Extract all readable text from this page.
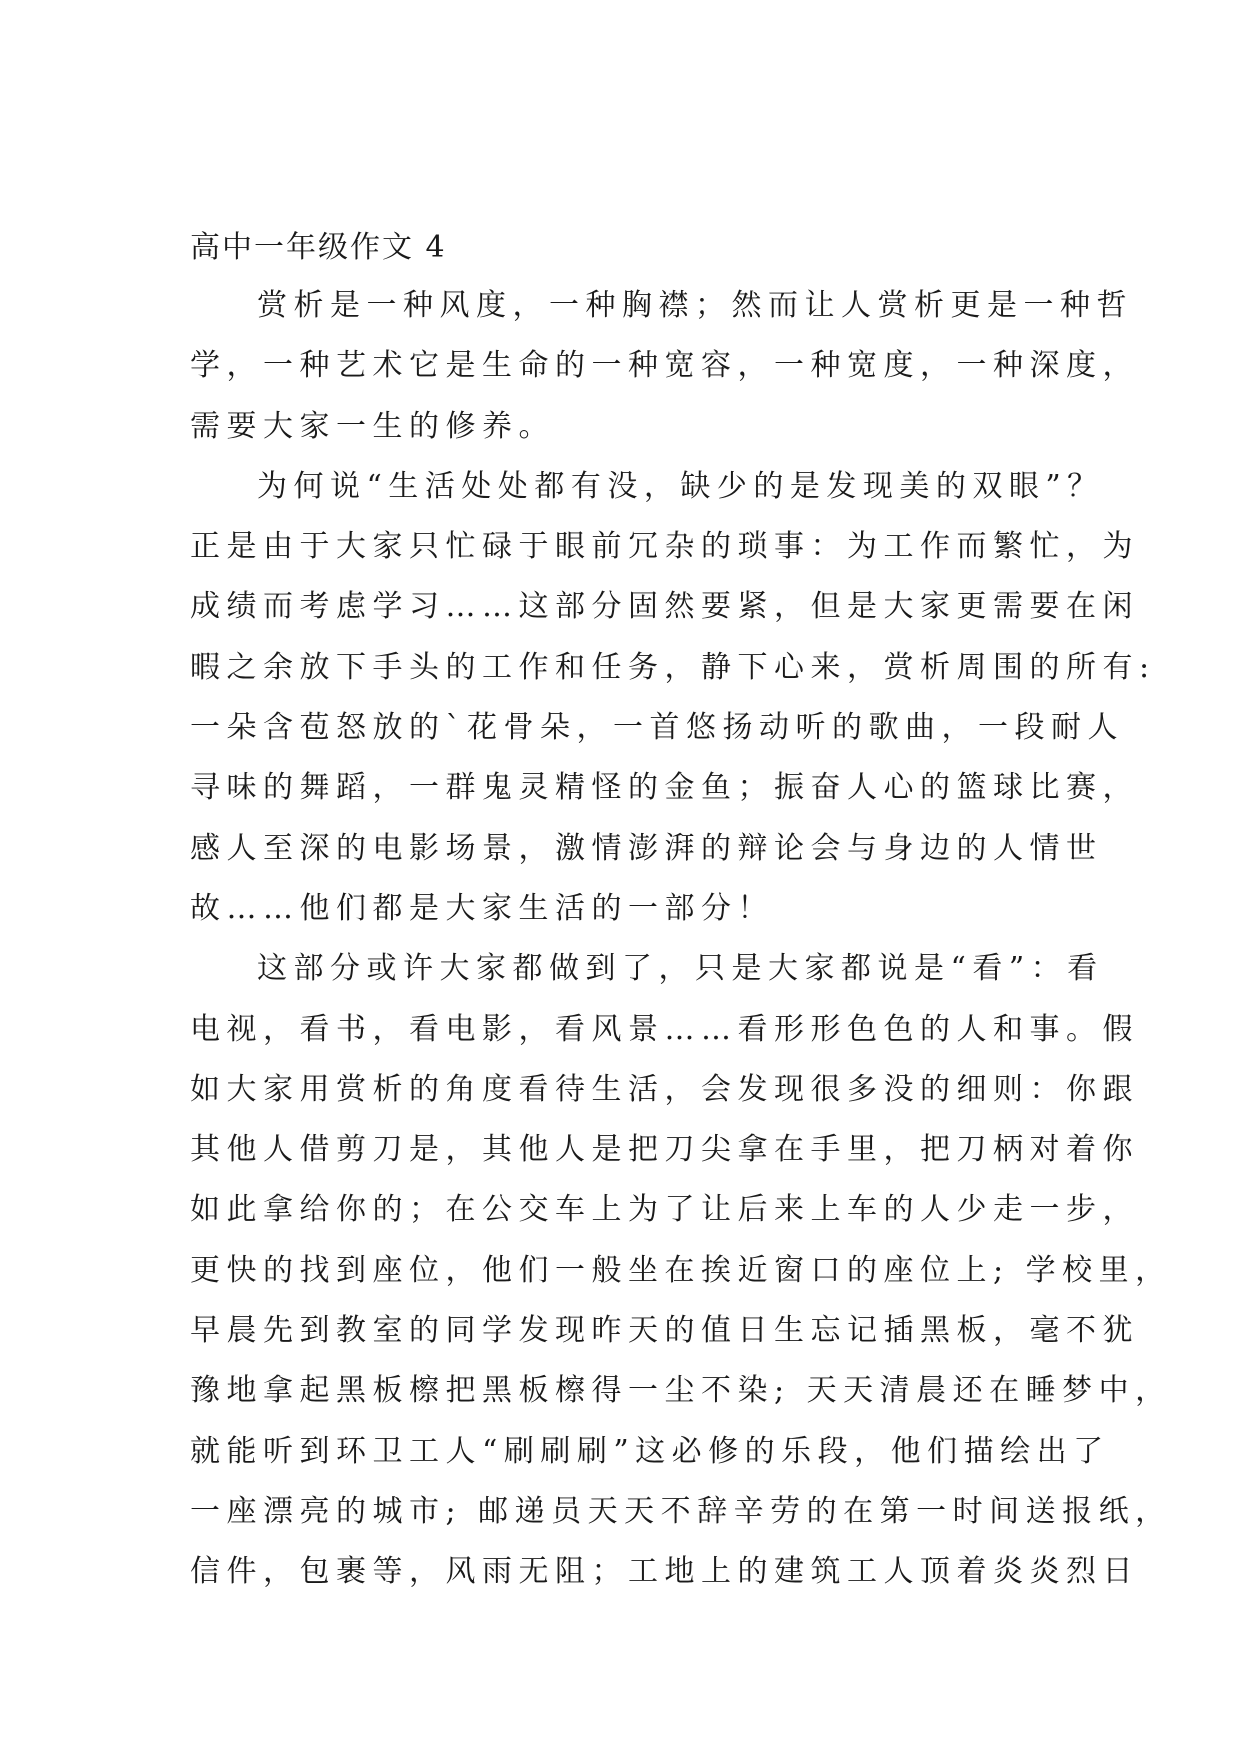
高中一年级作文 4
赏析是一种风度，一种胸襟；然而让人赏析更是一种哲
学，一种艺术它是生命的一种宽容，一种宽度，一种深度，
需要大家一生的修养。
为何说“生活处处都有没，缺少的是发现美的双眼”？
正是由于大家只忙碌于眼前冗杂的琐事：为工作而繁忙，为
成绩而考虑学习……这部分固然要紧，但是大家更需要在闲
暇之余放下手头的工作和任务，静下心来，赏析周围的所有:
一朵含苞怒放的`花骨朵，一首悠扬动听的歌曲，一段耐人
寻味的舞蹈，一群鬼灵精怪的金鱼；振奋人心的篮球比赛，
感人至深的电影场景，激情澎湃的辩论会与身边的人情世
故……他们都是大家生活的一部分！
这部分或许大家都做到了，只是大家都说是“看”：看
电视，看书，看电影，看风景……看形形色色的人和事。假
如大家用赏析的角度看待生活，会发现很多没的细则：你跟
其他人借剪刀是，其他人是把刀尖拿在手里，把刀柄对着你
如此拿给你的；在公交车上为了让后来上车的人少走一步，
更快的找到座位，他们一般坐在挨近窗口的座位上; 学校里，
早晨先到教室的同学发现昨天的值日生忘记插黑板，毫不犹
豫地拿起黑板檫把黑板檫得一尘不染; 天天清晨还在睡梦中，
就能听到环卫工人“刷刷刷”这必修的乐段，他们描绘出了
一座漂亮的城市; 邮递员天天不辞辛劳的在第一时间送报纸，
信件，包裹等，风雨无阻；工地上的建筑工人顶着炎炎烈日
